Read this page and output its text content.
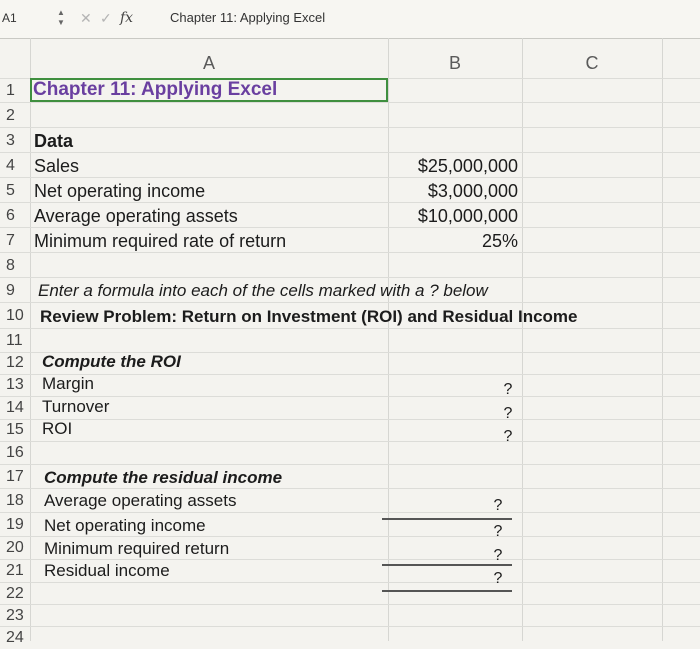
A1	▲
▼ ✕ ✓ fx	Chapter 11: Applying Excel
A	B	C
1
2
3
4
5
6
7
8
9
10
11
12
13
14
15
16
17
18
19
20
21
22
23
24
Chapter 11: Applying Excel
Data
Sales	$25,000,000
Net operating income	$3,000,000
Average operating assets	$10,000,000
Minimum required rate of return	25%
Enter a formula into each of the cells marked with a ? below
Review Problem: Return on Investment (ROI) and Residual Income
Compute the ROI
Margin	?
Turnover	?
ROI	?
Compute the residual income
Average operating assets	?
Net operating income	?
Minimum required return	?
Residual income	?
